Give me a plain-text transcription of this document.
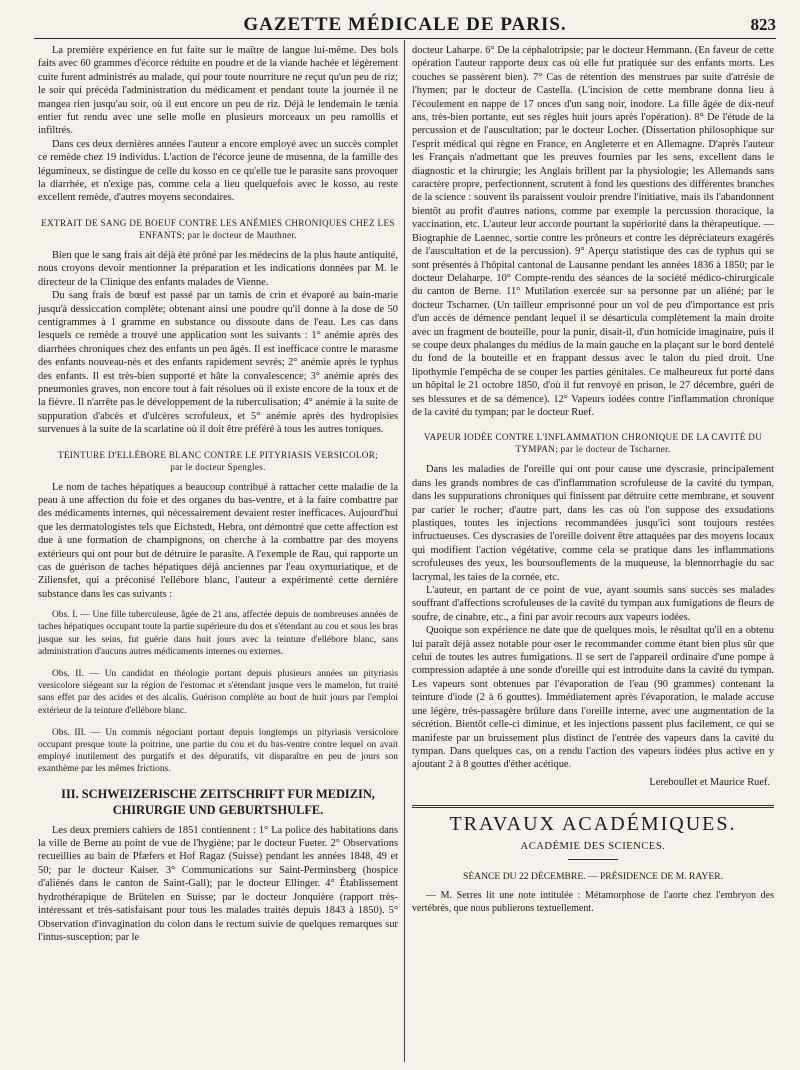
GAZETTE MÉDICALE DE PARIS.	823

La première expérience en fut faite sur le maître de langue lui-même. Des bols faits avec 60 grammes d'écorce réduite en poudre et de la viande hachée et légèrement cuite furent administrés au malade, qui pour toute nourriture ne reçut qu'un peu de riz; le soir qui précéda l'administration du médicament et pendant toute la journée il ne mangea rien jusqu'au soir, où il eut encore un peu de riz. Déjà le lendemain le tænia entier fut rendu avec une selle molle en plusieurs morceaux un peu ramollis et infiltrés.

Dans ces deux dernières années l'auteur a encore employé avec un succès complet ce remède chez 19 individus. L'action de l'écorce jeune de musenna, de la famille des légumineux, se distingue de celle du kosso en ce qu'elle tue le parasite sans provoquer la diarrhée, et n'exige pas, comme cela a lieu quelquefois avec le kosso, au reste excellent remède, d'autres moyens secondaires.

EXTRAIT DE SANG DE BOEUF CONTRE LES ANÉMIES CHRONIQUES CHEZ LES ENFANTS; par le docteur de Mauthner.

Bien que le sang frais ait déjà été prôné par les médecins de la plus haute antiquité, nous croyons devoir mentionner la préparation et les indications données par M. le directeur de la Clinique des enfants malades de Vienne.

Du sang frais de bœuf est passé par un tamis de crin et évaporé au bain-marie jusqu'à dessiccation complète; obtenant ainsi une poudre qu'il donne à la dose de 50 centigrammes à 1 gramme en substance ou dissoute dans de l'eau. Les cas dans lesquels ce remède a trouvé une application sont les suivants : 1° anémie après des diarrhées chroniques chez des enfants un peu âgés. Il est inefficace contre le marasme des enfants nouveau-nés et des enfants rapidement sevrés; 2° anémie après le typhus des enfants. Il est très-bien supporté et hâte la convalescence; 3° anémie après des pneumonies graves, non encore tout à fait résolues où il existe encore de la toux et de la fièvre. Il n'arrête pas le développement de la tuberculisation; 4° anémie à la suite de suppuration d'abcès et d'ulcères scrofuleux, et 5° anémie après des hydropisies survenues à la suite de la scarlatine où il doit être préféré à tous les autres toniques.

TEINTURE D'ELLÉBORE BLANC CONTRE LE PITYRIASIS VERSICOLOR;
par le docteur Spengles.

Le nom de taches hépatiques a beaucoup contribué à rattacher cette maladie de la peau à une affection du foie et des organes du bas-ventre, et à la faire combattre par des médicaments internes, qui nécessairement devaient rester inefficaces. Aujourd'hui que les dermatologistes tels que Eichstedt, Hebra, ont démontré que cette affection est due à une formation de champignons, on cherche à la combattre par des moyens extérieurs qui ont pour but de détruire le parasite. A l'exemple de Rau, qui rapporte un cas de guérison de taches hépatiques déjà anciennes par l'eau oxymuriatique, et de Ziliensfet, qui a préconisé l'ellébore blanc, l'auteur a expérimenté cette dernière substance dans les cas suivants :

Obs. I. — Une fille tuberculeuse, âgée de 21 ans, affectée depuis de nombreuses années de taches hépatiques occupant toute la partie supérieure du dos et s'étendant au cou et sous les bras jusque sur les seins, fut guérie dans huit jours avec la teinture d'ellébore blanc, sans administration d'aucuns autres médicaments internes ou externes.

Obs. II. — Un candidat en théologie portant depuis plusieurs années un pityriasis versicolore siégeant sur la région de l'estomac et s'étendant jusque vers le mamelon, fut traité sans effet par des acides et des alcalis. Guérison complète au bout de huit jours par l'emploi extérieur de la teinture d'ellébore blanc.

Obs. III. — Un commis négociant portant depuis longtemps un pityriasis versicolore occupant presque toute la poitrine, une partie du cou et du bas-ventre contre lequel on avait employé inutilement des purgatifs et des dépuratifs, vit disparaître en peu de jours son exanthème par les mêmes frictions.

III. SCHWEIZERISCHE ZEITSCHRIFT FUR MEDIZIN, CHIRURGIE UND GEBURTSHULFE.

Les deux premiers cahiers de 1851 contiennent : 1° La police des habitations dans la ville de Berne au point de vue de l'hygiène; par le docteur Fueter. 2° Observations recueillies au bain de Pfæfers et Hof Ragaz (Suisse) pendant les années 1848, 49 et 50; par le docteur Kaiser. 3° Communications sur Saint-Perminsberg (hospice d'aliénés dans le canton de Saint-Gall); par le docteur Ellinger. 4° Établissement hydrothérapique de Brütelen en Suisse; par le docteur Jonquière (rapport très-intéressant et très-satisfaisant pour tous les malades traités depuis 1843 à 1850). 5° Observation d'invagination du colon dans le rectum suivie de quelques remarques sur l'intus-susception; par le

docteur Laharpe. 6° De la céphalotripsie; par le docteur Hemmann. (En faveur de cette opération l'auteur rapporte deux cas où elle fut pratiquée sur des enfants morts. Les couches se passèrent bien). 7° Cas de rétention des menstrues par suite d'atrésie de l'hymen; par le docteur de Castella. (L'incision de cette membrane donna lieu à l'écoulement en nappe de 17 onces d'un sang noir, inodore. La fille âgée de dix-neuf ans, très-bien portante, eut ses règles huit jours après l'opération). 8° De l'étude de la percussion et de l'auscultation; par le docteur Locher. (Dissertation philosophique sur l'esprit médical qui règne en France, en Angleterre et en Allemagne. D'après l'auteur les Français n'admettant que les preuves fournies par les sens, excellent dans le diagnostic et la chirurgie; les Anglais brillent par la physiologie; les Allemands sans caractère propre, perfectionnent, scrutent à fond les questions des différentes branches de la science : souvent ils paraissent vouloir prendre l'initiative, mais ils l'abandonnent bientôt au profit d'autres nations, comme par exemple la percussion thoracique, la vaccination, etc. L'auteur leur accorde pourtant la supériorité dans la thérapeutique. — Biographie de Laennec, sortie contre les prôneurs et contre les dépréciateurs exagérés de l'auscultation et de la percussion). 9° Aperçu statistique des cas de typhus qui se sont présentés à l'hôpital cantonal de Lausanne pendant les années 1836 à 1850; par le docteur Delaharpe. 10° Compte-rendu des séances de la société médico-chirurgicale du canton de Berne. 11° Mutilation exercée sur sa personne par un aliéné; par le docteur Tscharner. (Un tailleur emprisonné pour un vol de peu d'importance est pris d'un accès de démence pendant lequel il se désarticula complètement la main droite avec un fragment de bouteille, pour la punir, disait-il, d'un homicide imaginaire, puis il se coupe deux phalanges du médius de la main gauche en la plaçant sur le bord dentelé du fond de la bouteille et en frappant dessus avec le talon du pied droit. Une lipothymie l'empêcha de se couper les parties génitales. Ce malheureux fut porté dans un hôpital le 21 octobre 1850, d'où il fut renvoyé en prison, le 27 décembre, guéri de ses blessures et de sa démence). 12° Vapeurs iodées contre l'inflammation chronique de la cavité du tympan; par le docteur Ruef.

VAPEUR IODÉE CONTRE L'INFLAMMATION CHRONIQUE DE LA CAVITÉ DU TYMPAN; par le docteur de Tscharner.

Dans les maladies de l'oreille qui ont pour cause une dyscrasie, principalement dans les grands nombres de cas d'inflammation scrofuleuse de la cavité du tympan, dans les suppurations chroniques qui finissent par détruire cette membrane, et souvent par carier le rocher; d'autre part, dans les cas où l'on suppose des exsudations plastiques, toutes les injections recommandées jusqu'ici sont toujours restées infructueuses. Ces dyscrasies de l'oreille doivent être attaquées par des moyens locaux qui modifient l'action végétative, comme cela se pratique dans les inflammations scrofuleuses des yeux, les boursouflements de la muqueuse, la blennorrhagie du sac lacrymal, les taies de la cornée, etc.

L'auteur, en partant de ce point de vue, ayant soumis sans succès ses malades souffrant d'affections scrofuleuses de la cavité du tympan aux fumigations de fleurs de soufre, de cinabre, etc., a fini par avoir recours aux vapeurs iodées.

Quoique son expérience ne date que de quelques mois, le résultat qu'il en a obtenu lui paraît déjà assez notable pour oser le recommander comme étant bien plus sûr que celui de toutes les autres fumigations. Il se sert de l'appareil ordinaire d'une pompe à compression adaptée à une sonde d'oreille qui est introduite dans la cavité du tympan. Les vapeurs sont obtenues par l'évaporation de l'eau (90 grammes) contenant la teinture d'iode (2 à 6 gouttes). Immédiatement après l'évaporation, le malade accuse une légère, très-passagère brûlure dans l'oreille interne, avec une augmentation de la sécrétion. Bientôt celle-ci diminue, et les injections passent plus facilement, ce qui se manifeste par un bruissement plus distinct de l'entrée des vapeurs dans la cavité du tympan. Dans quelques cas, on a rendu l'action des vapeurs iodées plus active en y ajoutant 2 à 8 gouttes d'éther acétique.

Lereboullet et Maurice Ruef.
TRAVAUX ACADÉMIQUES.
ACADÉMIE DES SCIENCES.
SÉANCE DU 22 DÉCEMBRE. — PRÉSIDENCE DE M. RAYER.

— M. Serres lit une note intitulée : Métamorphose de l'aorte chez l'embryon des vertébrés, que nous publierons textuellement.
